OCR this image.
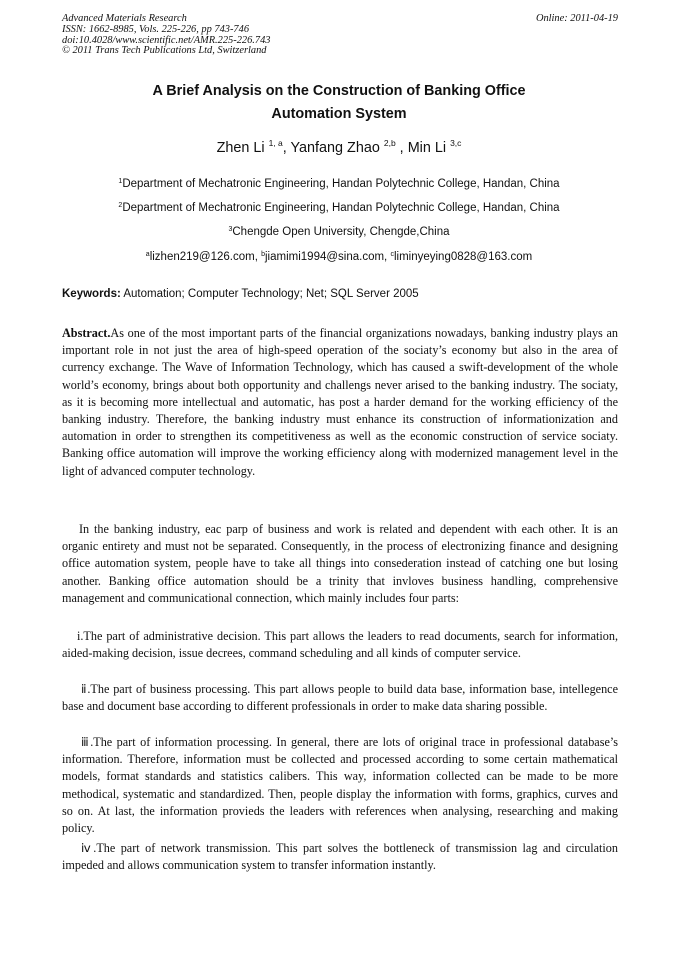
Advanced Materials Research
ISSN: 1662-8985, Vols. 225-226, pp 743-746
doi:10.4028/www.scientific.net/AMR.225-226.743
© 2011 Trans Tech Publications Ltd, Switzerland
Online: 2011-04-19
A Brief Analysis on the Construction of Banking Office
Automation System
Zhen Li $^{1, a}$, Yanfang Zhao $^{2,b}$ , Min Li $^{3,c}$
$^1$Department of Mechatronic Engineering, Handan Polytechnic College, Handan, China
$^2$Department of Mechatronic Engineering, Handan Polytechnic College, Handan, China
$^3$Chengde Open University, Chengde,China
$^a$lizhen219@126.com, $^b$jiamimi1994@sina.com, $^c$liminyeying0828@163.com
Keywords: Automation; Computer Technology; Net; SQL Server 2005

Abstract.As one of the most important parts of the financial organizations nowadays, banking industry plays an important role in not just the area of high-speed operation of the sociaty’s economy but also in the area of currency exchange. The Wave of Information Technology, which has caused a swift-development of the whole world’s economy, brings about both opportunity and challengs never arised to the banking industry. The sociaty, as it is becoming more intellectual and automatic, has post a harder demand for the working efficiency of the banking industry. Therefore, the banking industry must enhance its construction of informationization and automation in order to strengthen its competitiveness as well as the economic construction of service sociaty. Banking office automation will improve the working efficiency along with modernized management level in the light of advanced computer technology.

In the banking industry, eac parp of business and work is related and dependent with each other. It is an organic entirety and must not be separated. Consequently, in the process of electronizing finance and designing office automation system, people have to take all things into consederation instead of catching one but losing another. Banking office automation should be a trinity that invloves business handling, comprehensive management and communicational connection, which mainly includes four parts:

i.The part of administrative decision. This part allows the leaders to read documents, search for information, aided-making decision, issue decrees, command scheduling and all kinds of computer service.

ⅱ.The part of business processing. This part allows people to build data base, information base, intellegence base and document base according to different professionals in order to make data sharing possible.

ⅲ.The part of information processing. In general, there are lots of original trace in professional database’s information. Therefore, information must be collected and processed according to some certain mathematical models, format standards and statistics calibers. This way, information collected can be made to be more methodical, systematic and standardized. Then, people display the information with forms, graphics, curves and so on. At last, the information provieds the leaders with references when analysing, researching and making policy.

ⅳ.The part of network transmission. This part solves the bottleneck of transmission lag and circulation impeded and allows communication system to transfer information instantly.
